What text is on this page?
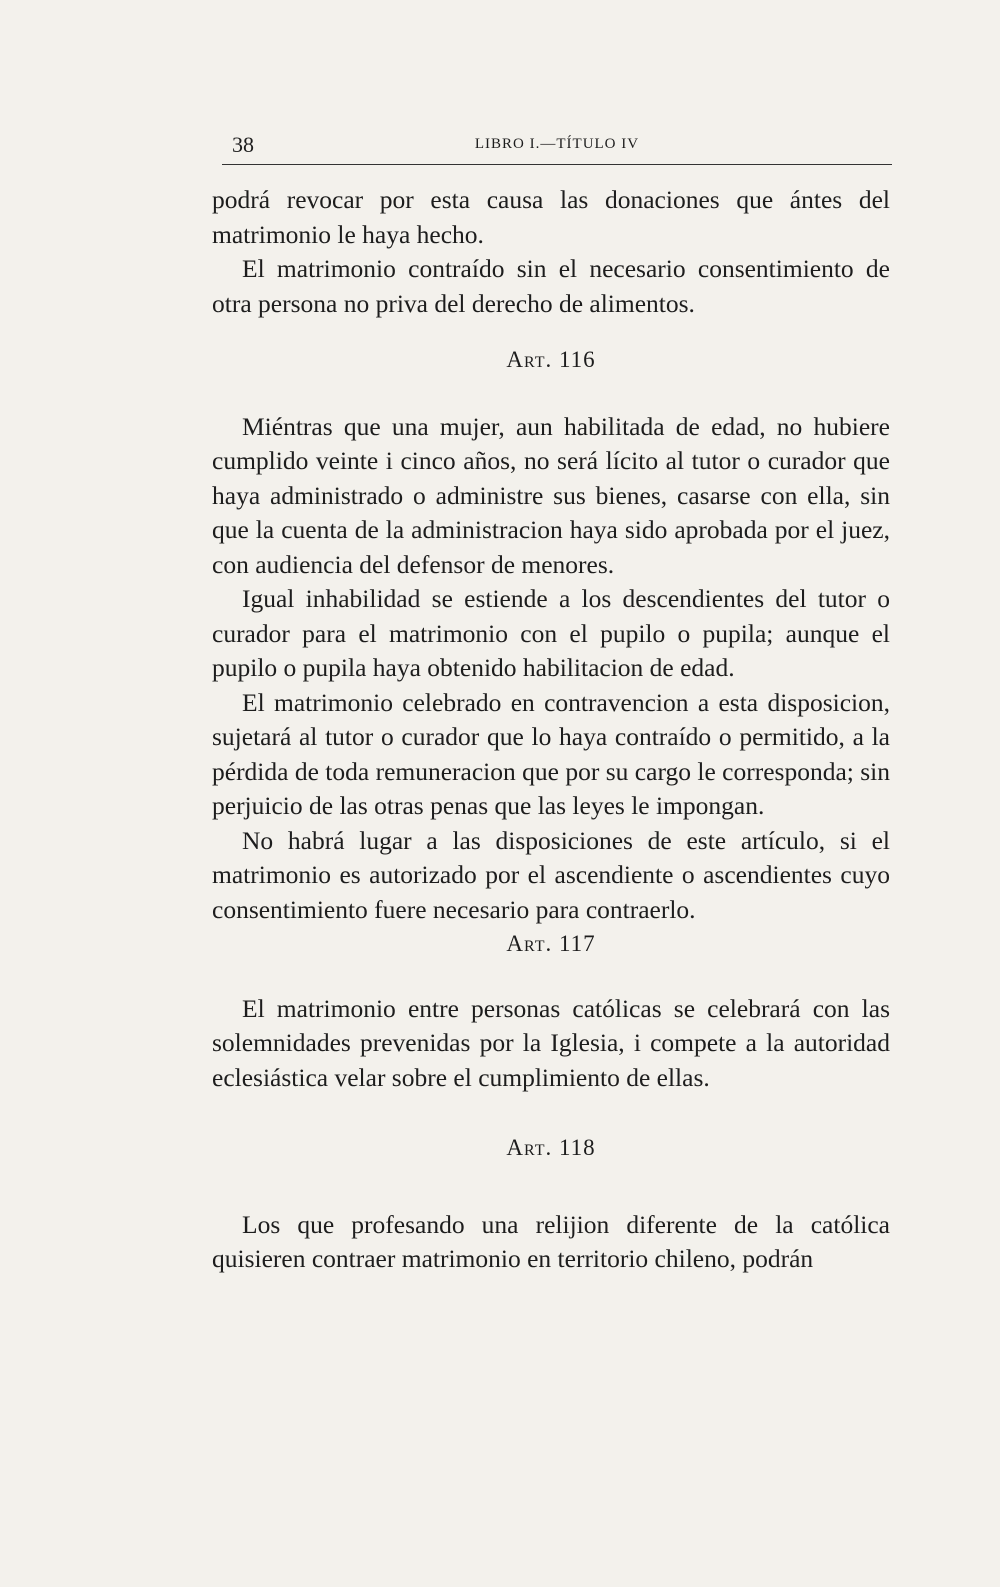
38	LIBRO I.—TÍTULO IV

podrá revocar por esta causa las donaciones que ántes del matrimonio le haya hecho.

El matrimonio contraído sin el necesario consentimiento de otra persona no priva del derecho de alimentos.

Art. 116

Miéntras que una mujer, aun habilitada de edad, no hubiere cumplido veinte i cinco años, no será lícito al tutor o curador que haya administrado o administre sus bienes, casarse con ella, sin que la cuenta de la administracion haya sido aprobada por el juez, con audiencia del defensor de menores.

Igual inhabilidad se estiende a los descendientes del tutor o curador para el matrimonio con el pupilo o pupila; aunque el pupilo o pupila haya obtenido habilitacion de edad.

El matrimonio celebrado en contravencion a esta disposicion, sujetará al tutor o curador que lo haya contraído o permitido, a la pérdida de toda remuneracion que por su cargo le corresponda; sin perjuicio de las otras penas que las leyes le impongan.

No habrá lugar a las disposiciones de este artículo, si el matrimonio es autorizado por el ascendiente o ascendientes cuyo consentimiento fuere necesario para contraerlo.

Art. 117

El matrimonio entre personas católicas se celebrará con las solemnidades prevenidas por la Iglesia, i compete a la autoridad eclesiástica velar sobre el cumplimiento de ellas.

Art. 118

Los que profesando una relijion diferente de la católica quisieren contraer matrimonio en territorio chileno, podrán
